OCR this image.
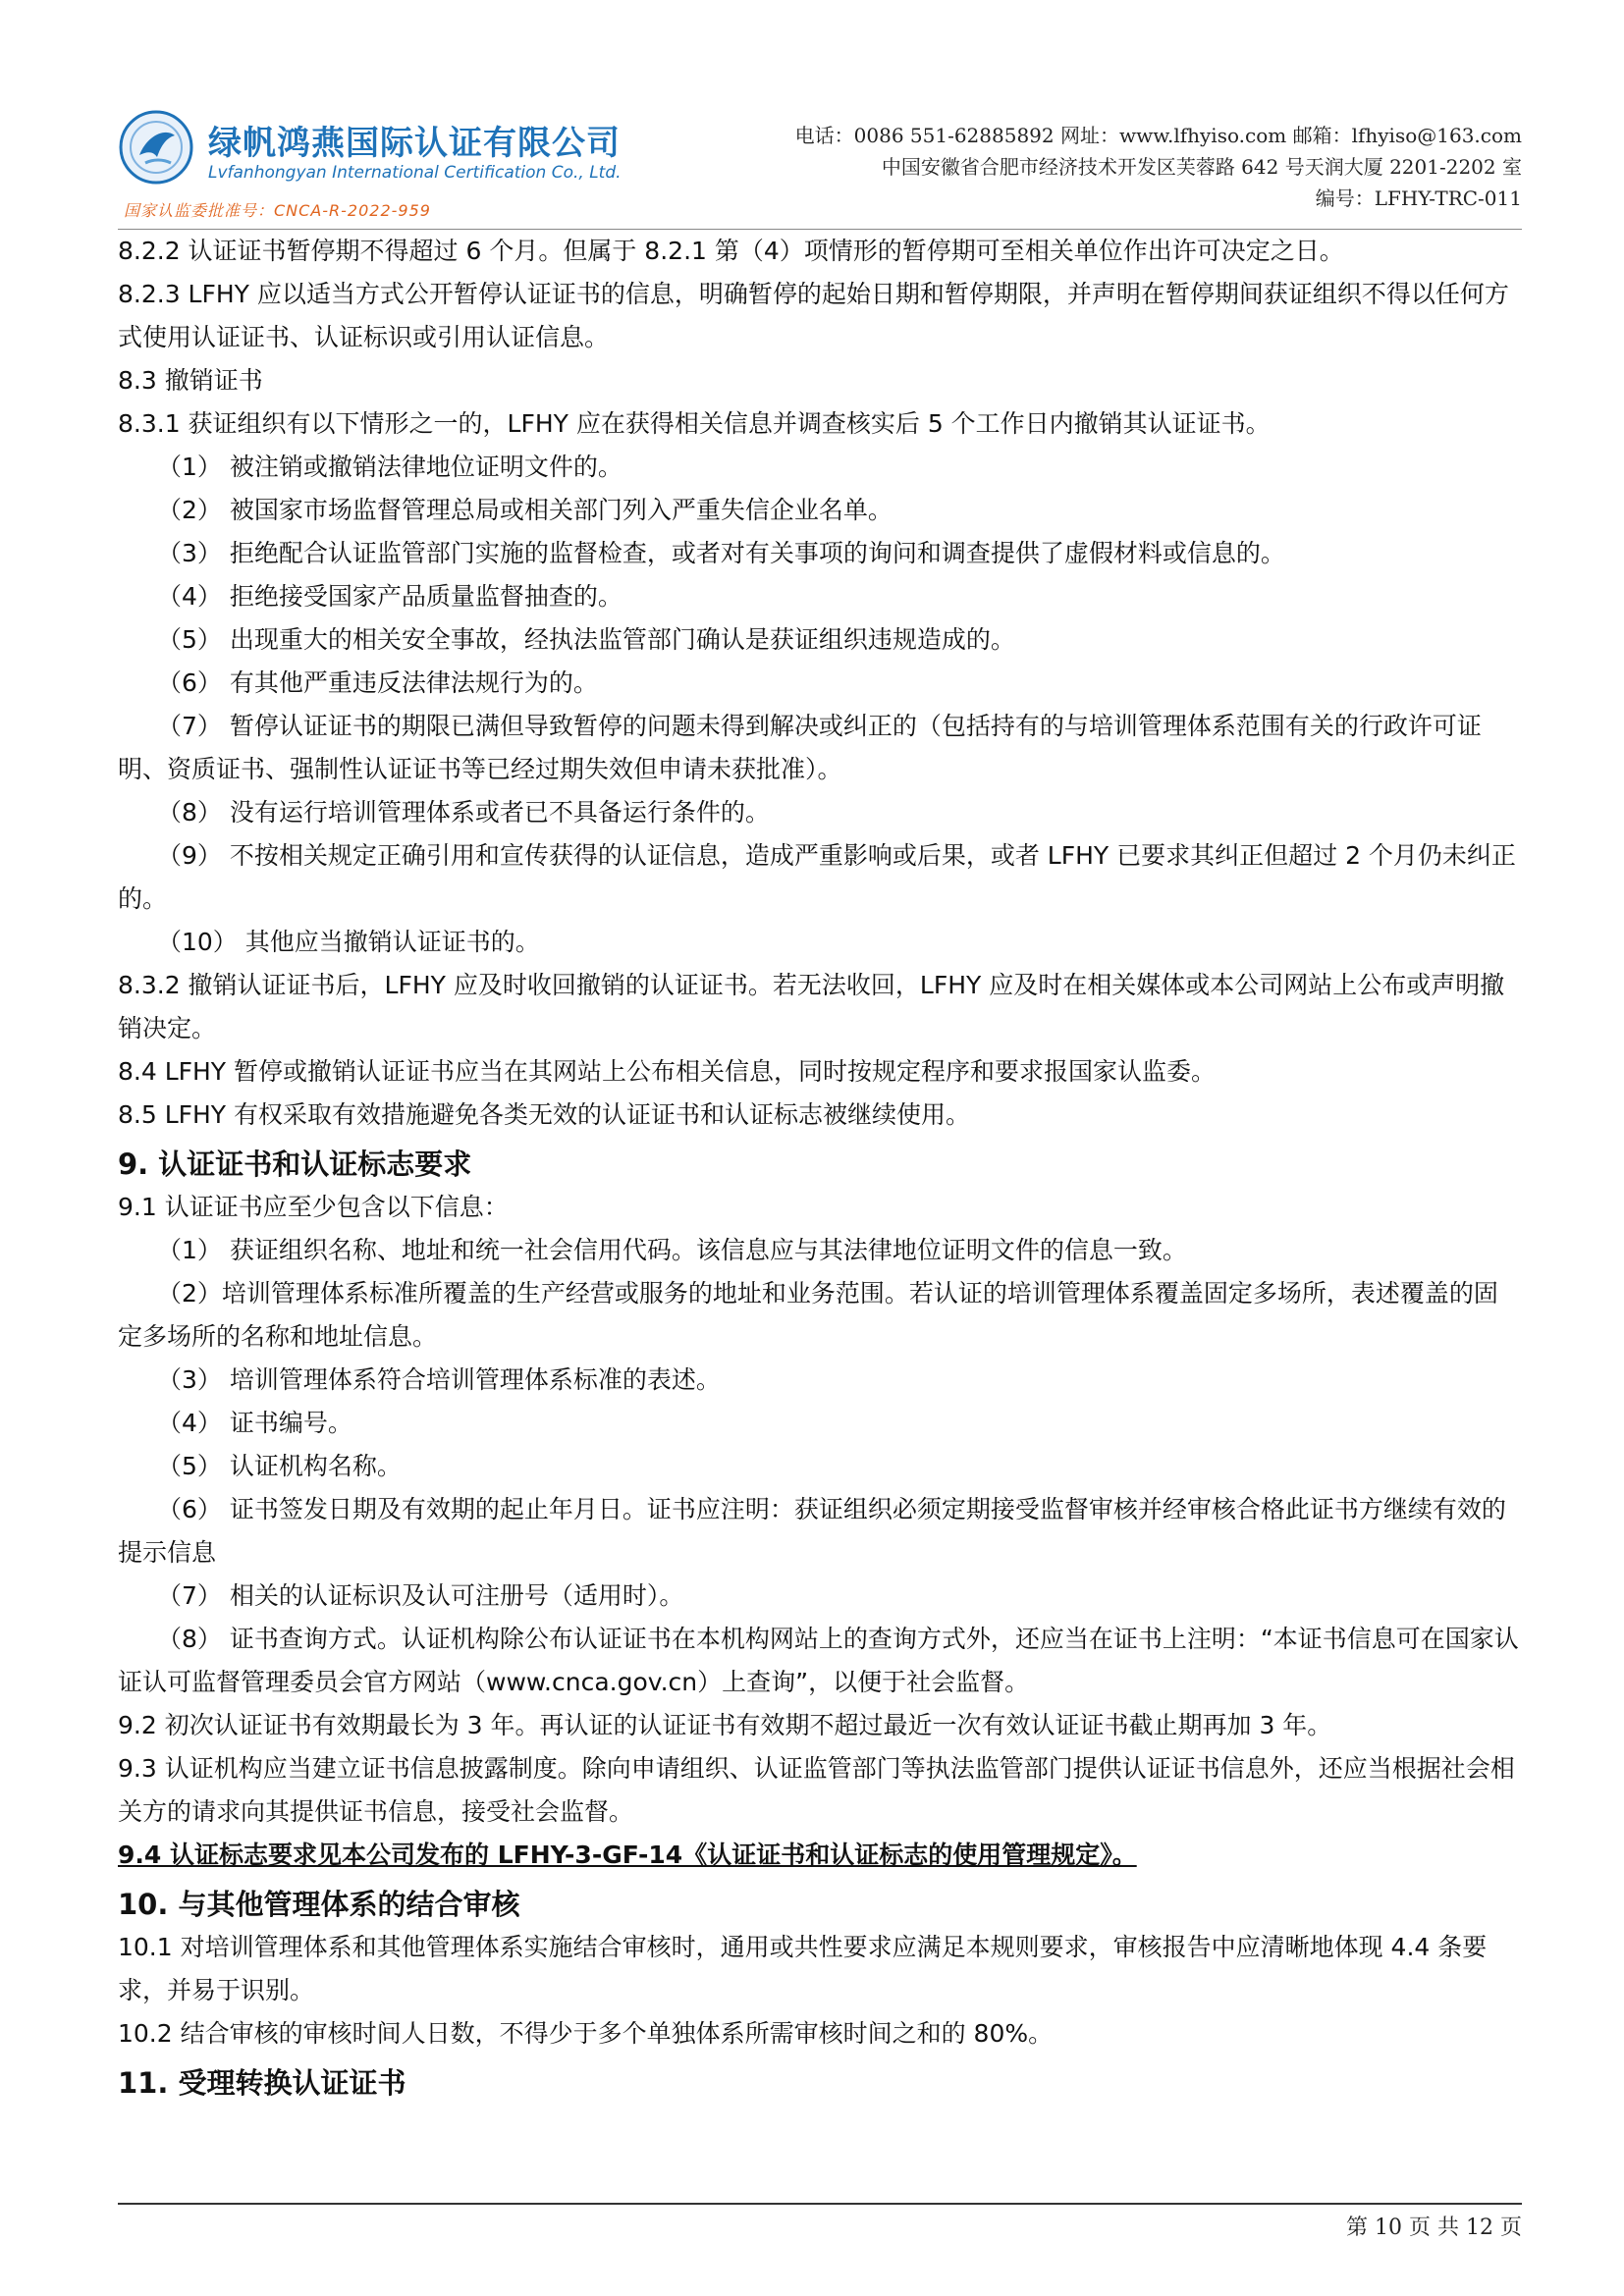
绿帆鸿燕国际认证有限公司
Lvfanhongyan International Certification Co., Ltd.
国家认监委批准号：CNCA-R-2022-959
电话：0086 551-62885892 网址：www.lfhyiso.com 邮箱：lfhyiso@163.com
中国安徽省合肥市经济技术开发区芙蓉路 642 号天润大厦 2201-2202 室
编号：LFHY-TRC-011

8.2.2 认证证书暂停期不得超过 6 个月。但属于 8.2.1 第（4）项情形的暂停期可至相关单位作出许可决定之日。

8.2.3 LFHY 应以适当方式公开暂停认证证书的信息，明确暂停的起始日期和暂停期限，并声明在暂停期间获证组织不得以任何方式使用认证证书、认证标识或引用认证信息。

8.3 撤销证书

8.3.1 获证组织有以下情形之一的，LFHY 应在获得相关信息并调查核实后 5 个工作日内撤销其认证证书。

（1） 被注销或撤销法律地位证明文件的。

（2） 被国家市场监督管理总局或相关部门列入严重失信企业名单。

（3） 拒绝配合认证监管部门实施的监督检查，或者对有关事项的询问和调查提供了虚假材料或信息的。

（4） 拒绝接受国家产品质量监督抽查的。

（5） 出现重大的相关安全事故，经执法监管部门确认是获证组织违规造成的。

（6） 有其他严重违反法律法规行为的。

（7） 暂停认证证书的期限已满但导致暂停的问题未得到解决或纠正的（包括持有的与培训管理体系范围有关的行政许可证明、资质证书、强制性认证证书等已经过期失效但申请未获批准）。

（8） 没有运行培训管理体系或者已不具备运行条件的。

（9） 不按相关规定正确引用和宣传获得的认证信息，造成严重影响或后果，或者 LFHY 已要求其纠正但超过 2 个月仍未纠正的。

（10） 其他应当撤销认证证书的。

8.3.2 撤销认证证书后，LFHY 应及时收回撤销的认证证书。若无法收回，LFHY 应及时在相关媒体或本公司网站上公布或声明撤销决定。

8.4 LFHY 暂停或撤销认证证书应当在其网站上公布相关信息，同时按规定程序和要求报国家认监委。

8.5 LFHY 有权采取有效措施避免各类无效的认证证书和认证标志被继续使用。

9. 认证证书和认证标志要求

9.1 认证证书应至少包含以下信息：

（1） 获证组织名称、地址和统一社会信用代码。该信息应与其法律地位证明文件的信息一致。

（2）培训管理体系标准所覆盖的生产经营或服务的地址和业务范围。若认证的培训管理体系覆盖固定多场所，表述覆盖的固定多场所的名称和地址信息。

（3） 培训管理体系符合培训管理体系标准的表述。

（4） 证书编号。

（5） 认证机构名称。

（6） 证书签发日期及有效期的起止年月日。证书应注明：获证组织必须定期接受监督审核并经审核合格此证书方继续有效的提示信息

（7） 相关的认证标识及认可注册号（适用时）。

（8） 证书查询方式。认证机构除公布认证证书在本机构网站上的查询方式外，还应当在证书上注明：“本证书信息可在国家认证认可监督管理委员会官方网站（www.cnca.gov.cn）上查询”，以便于社会监督。

9.2 初次认证证书有效期最长为 3 年。再认证的认证证书有效期不超过最近一次有效认证证书截止期再加 3 年。

9.3 认证机构应当建立证书信息披露制度。除向申请组织、认证监管部门等执法监管部门提供认证证书信息外，还应当根据社会相关方的请求向其提供证书信息，接受社会监督。

9.4 认证标志要求见本公司发布的 LFHY-3-GF-14《认证证书和认证标志的使用管理规定》。

10. 与其他管理体系的结合审核

10.1 对培训管理体系和其他管理体系实施结合审核时，通用或共性要求应满足本规则要求，审核报告中应清晰地体现 4.4 条要求，并易于识别。

10.2 结合审核的审核时间人日数，不得少于多个单独体系所需审核时间之和的 80%。

11. 受理转换认证证书
第 10 页 共 12 页
